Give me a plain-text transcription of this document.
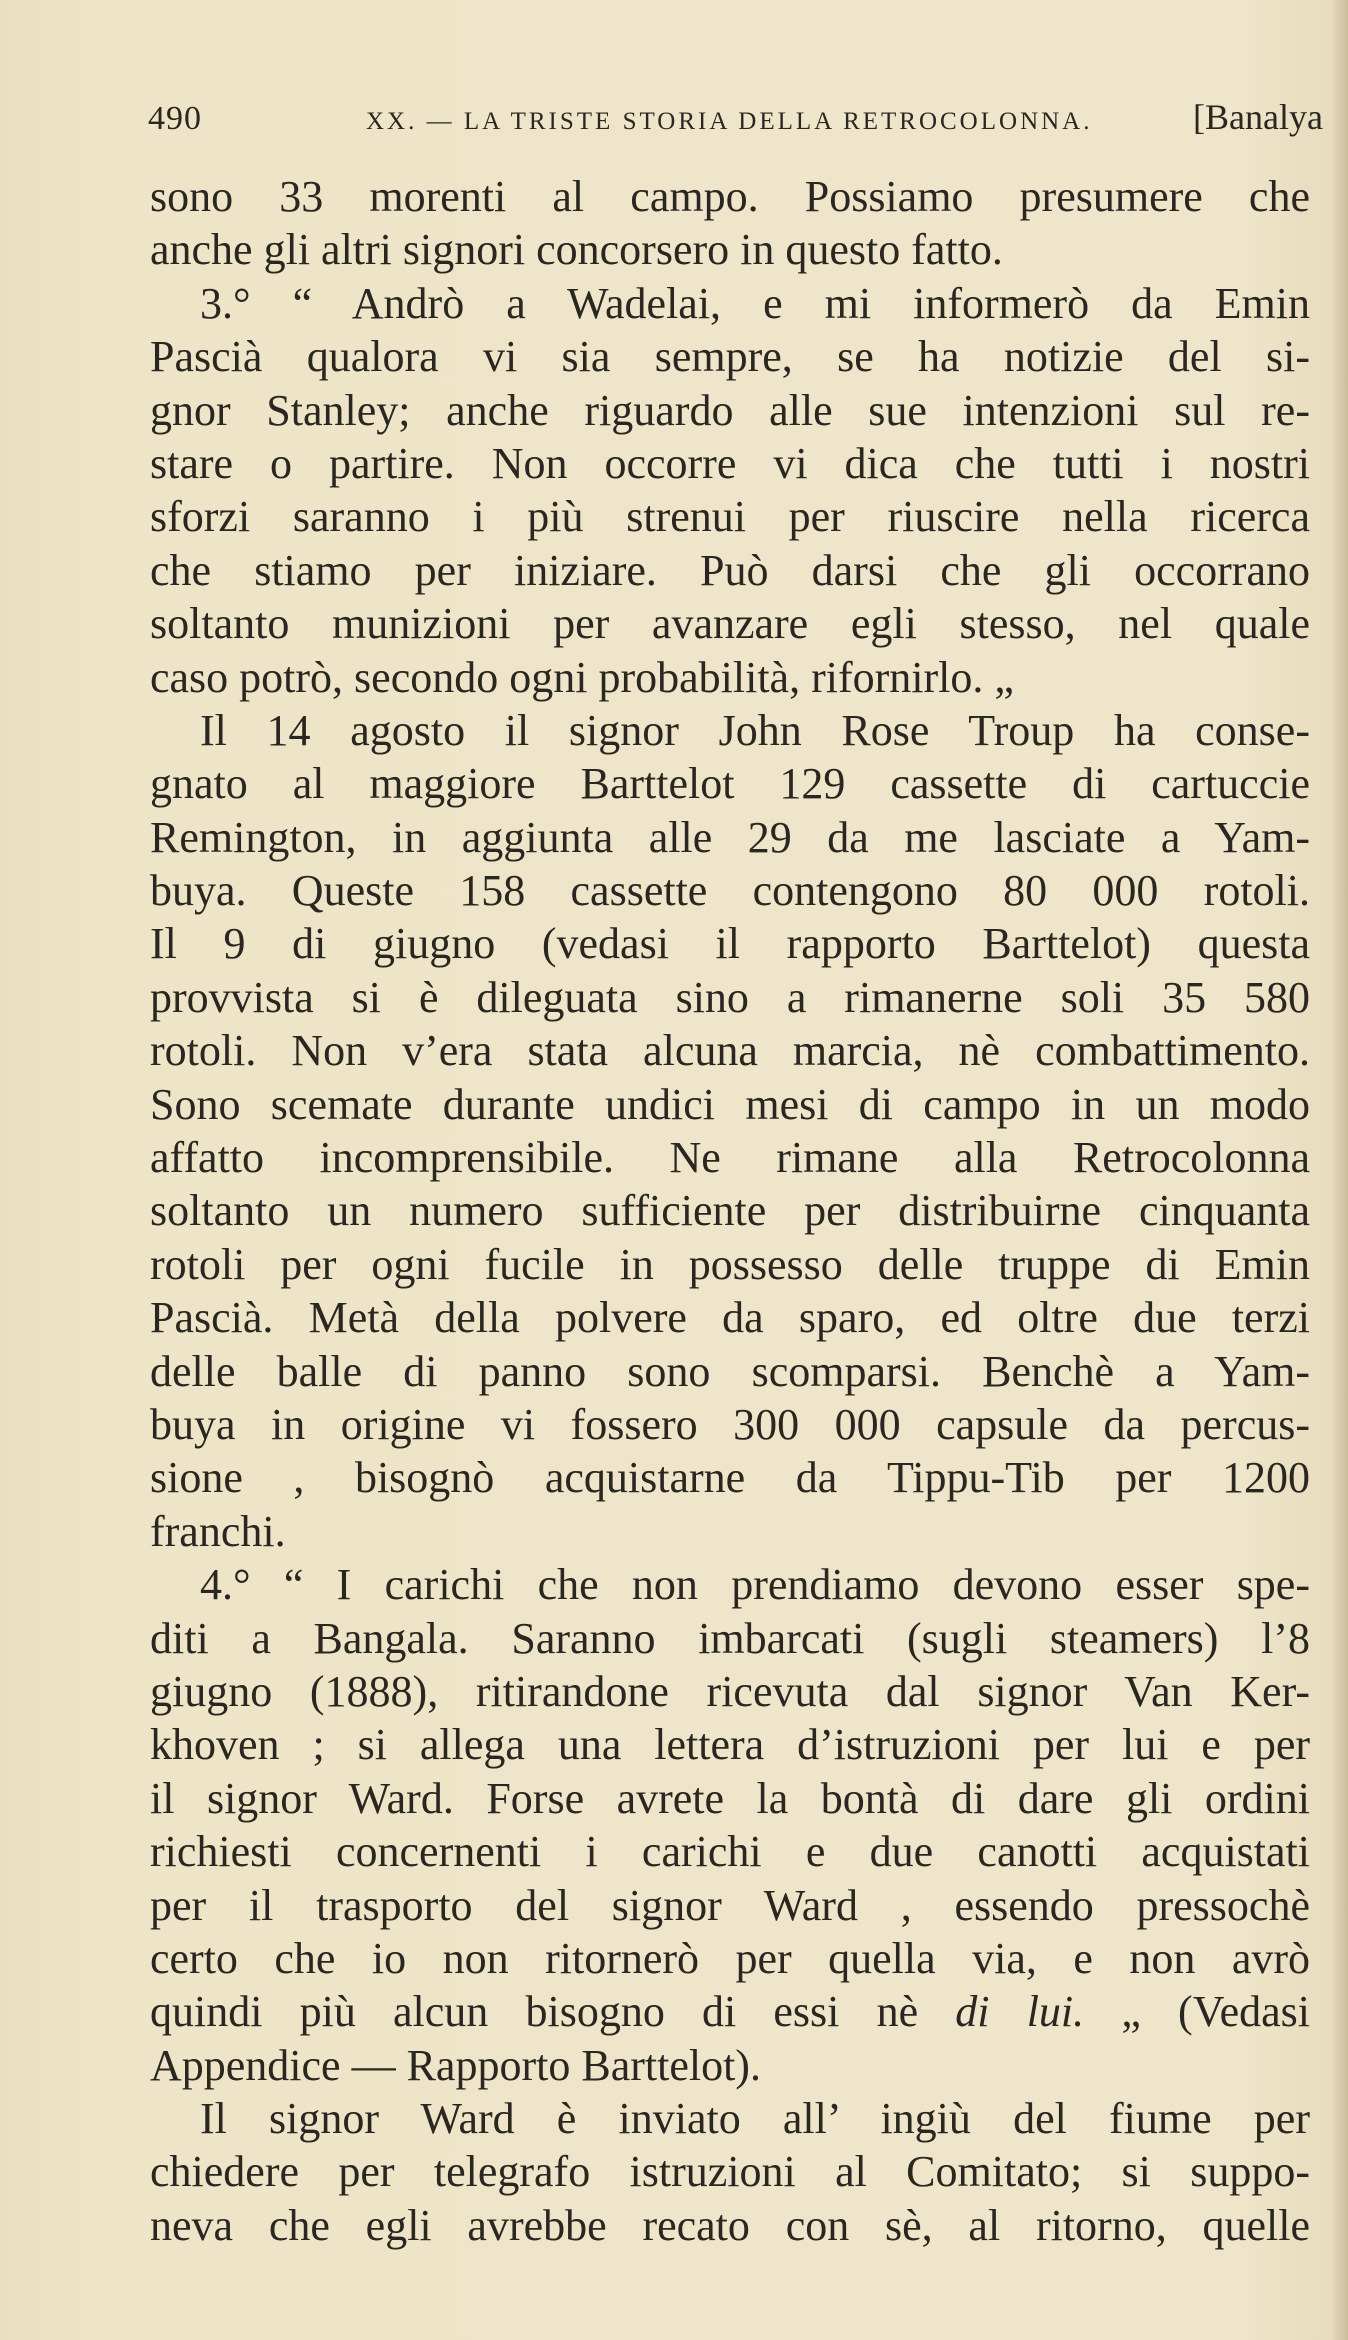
490	XX. — LA TRISTE STORIA DELLA RETROCOLONNA.	[Banalya
sono 33 morenti al campo. Possiamo presumere che
anche gli altri signori concorsero in questo fatto.
3.° “ Andrò a Wadelai, e mi informerò da Emin
Pascià qualora vi sia sempre, se ha notizie del si-
gnor Stanley; anche riguardo alle sue intenzioni sul re-
stare o partire. Non occorre vi dica che tutti i nostri
sforzi saranno i più strenui per riuscire nella ricerca
che stiamo per iniziare. Può darsi che gli occorrano
soltanto munizioni per avanzare egli stesso, nel quale
caso potrò, secondo ogni probabilità, rifornirlo. „
Il 14 agosto il signor John Rose Troup ha conse-
gnato al maggiore Barttelot 129 cassette di cartuccie
Remington, in aggiunta alle 29 da me lasciate a Yam-
buya. Queste 158 cassette contengono 80 000 rotoli.
Il 9 di giugno (vedasi il rapporto Barttelot) questa
provvista si è dileguata sino a rimanerne soli 35 580
rotoli. Non v’era stata alcuna marcia, nè combattimento.
Sono scemate durante undici mesi di campo in un modo
affatto incomprensibile. Ne rimane alla Retrocolonna
soltanto un numero sufficiente per distribuirne cinquanta
rotoli per ogni fucile in possesso delle truppe di Emin
Pascià. Metà della polvere da sparo, ed oltre due terzi
delle balle di panno sono scomparsi. Benchè a Yam-
buya in origine vi fossero 300 000 capsule da percus-
sione , bisognò acquistarne da Tippu-Tib per 1200
franchi.
4.° “ I carichi che non prendiamo devono esser spe-
diti a Bangala. Saranno imbarcati (sugli steamers) l’8
giugno (1888), ritirandone ricevuta dal signor Van Ker-
khoven ; si allega una lettera d’istruzioni per lui e per
il signor Ward. Forse avrete la bontà di dare gli ordini
richiesti concernenti i carichi e due canotti acquistati
per il trasporto del signor Ward , essendo pressochè
certo che io non ritornerò per quella via, e non avrò
quindi più alcun bisogno di essi nè di lui. „ (Vedasi
Appendice — Rapporto Barttelot).
Il signor Ward è inviato all’ ingiù del fiume per
chiedere per telegrafo istruzioni al Comitato; si suppo-
neva che egli avrebbe recato con sè, al ritorno, quelle
